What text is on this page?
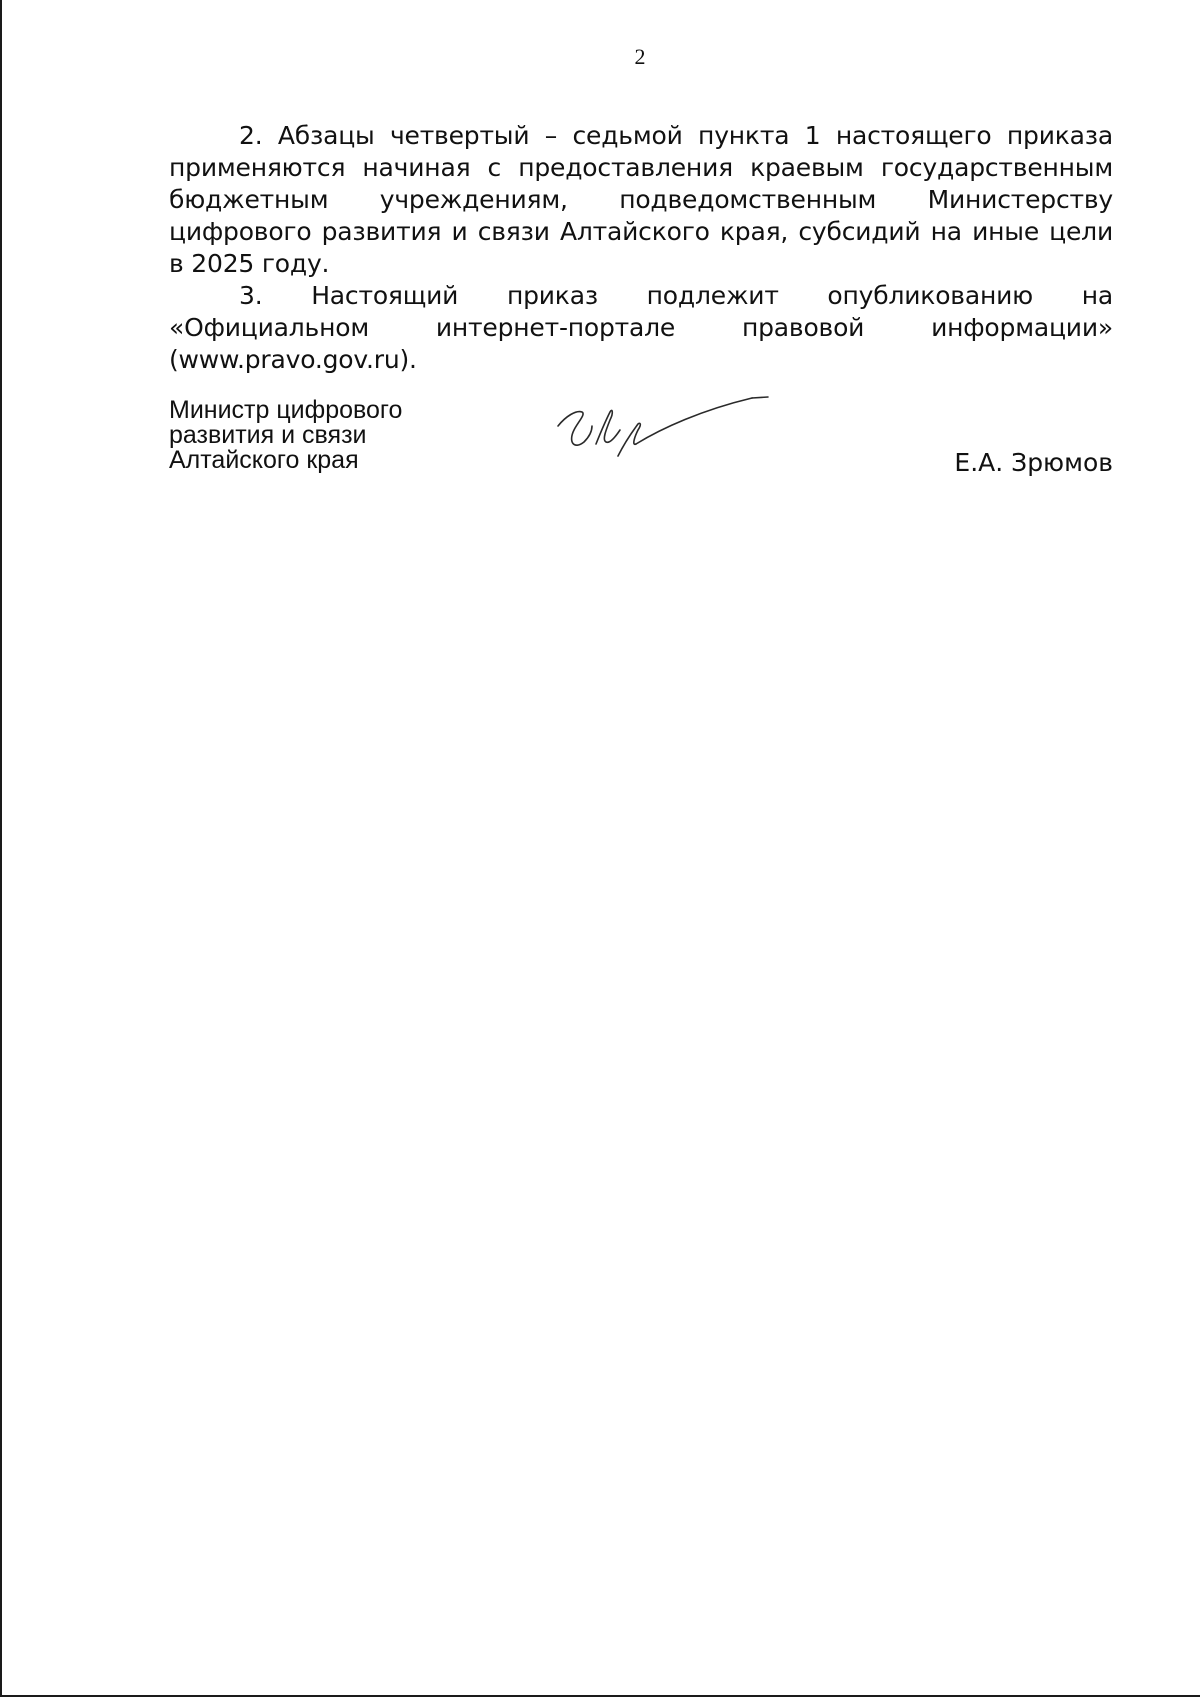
2

2. Абзацы четвертый – седьмой пункта 1 настоящего приказа применяются начиная с предоставления краевым государственным бюджетным учреждениям, подведомственным Министерству цифрового развития и связи Алтайского края, субсидий на иные цели в 2025 году.

3. Настоящий приказ подлежит опубликованию на «Официальном интернет-портале правовой информации» (www.pravo.gov.ru).

Министр цифрового
развития и связи
Алтайского края	Е.А. Зрюмов
